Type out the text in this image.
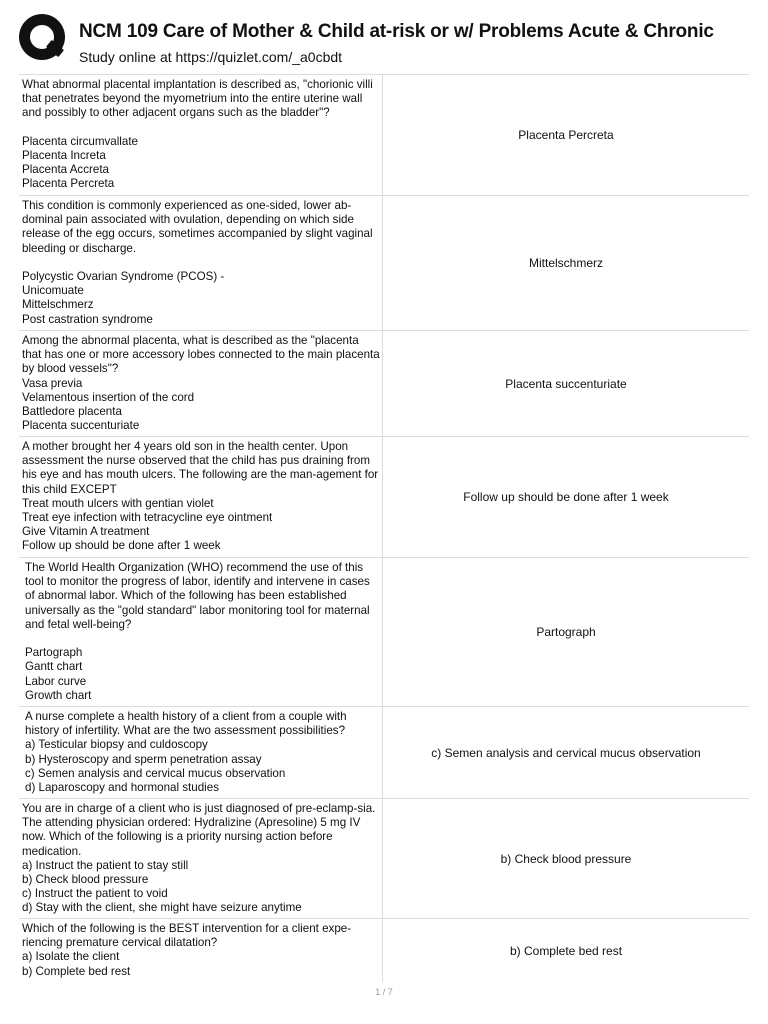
NCM 109 Care of Mother & Child at-risk or w/ Problems Acute & Chronic
Study online at https://quizlet.com/_a0cbdt
What abnormal placental implantation is described as, "chorionic villi that penetrates beyond the myometrium into the entire uterine wall and possibly to other adjacent organs such as the bladder"?

Placenta circumvallate
Placenta Increta
Placenta Accreta
Placenta Percreta
Placenta Percreta
This condition is commonly experienced as one-sided, lower ab-dominal pain associated with ovulation, depending on which side release of the egg occurs, sometimes accompanied by slight vaginal bleeding or discharge.

Polycystic Ovarian Syndrome (PCOS) -
Unicomuate
Mittelschmerz
Post castration syndrome
Mittelschmerz
Among the abnormal placenta, what is described as the "placenta that has one or more accessory lobes connected to the main placenta by blood vessels"?
Vasa previa
Velamentous insertion of the cord
Battledore placenta
Placenta succenturiate
Placenta succenturiate
A mother brought her 4 years old son in the health center. Upon assessment the nurse observed that the child has pus draining from his eye and has mouth ulcers. The following are the man-agement for this child EXCEPT
Treat mouth ulcers with gentian violet
Treat eye infection with tetracycline eye ointment
Give Vitamin A treatment
Follow up should be done after 1 week
Follow up should be done after 1 week
The World Health Organization (WHO) recommend the use of this tool to monitor the progress of labor, identify and intervene in cases of abnormal labor. Which of the following has been established universally as the "gold standard" labor monitoring tool for maternal and fetal well-being?

Partograph
Gantt chart
Labor curve
Growth chart
Partograph
A nurse complete a health history of a client from a couple with history of infertility. What are the two assessment possibilities?
a) Testicular biopsy and culdoscopy
b) Hysteroscopy and sperm penetration assay
c) Semen analysis and cervical mucus observation
d) Laparoscopy and hormonal studies
c) Semen analysis and cervical mucus observation
You are in charge of a client who is just diagnosed of pre-eclamp-sia. The attending physician ordered: Hydralizine (Apresoline) 5 mg IV now. Which of the following is a priority nursing action before medication.
a) Instruct the patient to stay still
b) Check blood pressure
c) Instruct the patient to void
d) Stay with the client, she might have seizure anytime
b) Check blood pressure
Which of the following is the BEST intervention for a client expe-riencing premature cervical dilatation?
a) Isolate the client
b) Complete bed rest
b) Complete bed rest
1 / 7
